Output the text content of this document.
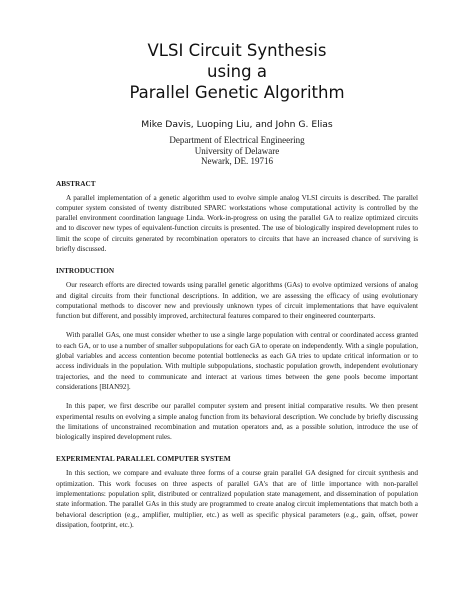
VLSI Circuit Synthesis
using a
Parallel Genetic Algorithm
Mike Davis, Luoping Liu, and John G. Elias
Department of Electrical Engineering
University of Delaware
Newark, DE. 19716
ABSTRACT

A parallel implementation of a genetic algorithm used to evolve simple analog VLSI circuits is described. The parallel computer system consisted of twenty distributed SPARC workstations whose computational activity is controlled by the parallel environment coordination language Linda. Work-in-progress on using the parallel GA to realize optimized circuits and to discover new types of equivalent-function circuits is presented. The use of biologically inspired development rules to limit the scope of circuits generated by recombination operators to circuits that have an increased chance of surviving is briefly discussed.

INTRODUCTION

Our research efforts are directed towards using parallel genetic algorithms (GAs) to evolve optimized versions of analog and digital circuits from their functional descriptions. In addition, we are assessing the efficacy of using evolutionary computational methods to discover new and previously unknown types of circuit implementations that have equivalent function but different, and possibly improved, architectural features compared to their engineered counterparts.

With parallel GAs, one must consider whether to use a single large population with central or coordinated access granted to each GA, or to use a number of smaller subpopulations for each GA to operate on independently. With a single population, global variables and access contention become potential bottlenecks as each GA tries to update critical information or to access individuals in the population. With multiple subpopulations, stochastic population growth, independent evolutionary trajectories, and the need to communicate and interact at various times between the gene pools become important considerations [BIAN92].

In this paper, we first describe our parallel computer system and present initial comparative results. We then present experimental results on evolving a simple analog function from its behavioral description. We conclude by briefly discussing the limitations of unconstrained recombination and mutation operators and, as a possible solution, introduce the use of biologically inspired development rules.

EXPERIMENTAL PARALLEL COMPUTER SYSTEM

In this section, we compare and evaluate three forms of a course grain parallel GA designed for circuit synthesis and optimization. This work focuses on three aspects of parallel GA's that are of little importance with non-parallel implementations: population split, distributed or centralized population state management, and dissemination of population state information. The parallel GAs in this study are programmed to create analog circuit implementations that match both a behavioral description (e.g., amplifier, multiplier, etc.) as well as specific physical parameters (e.g., gain, offset, power dissipation, footprint, etc.).
